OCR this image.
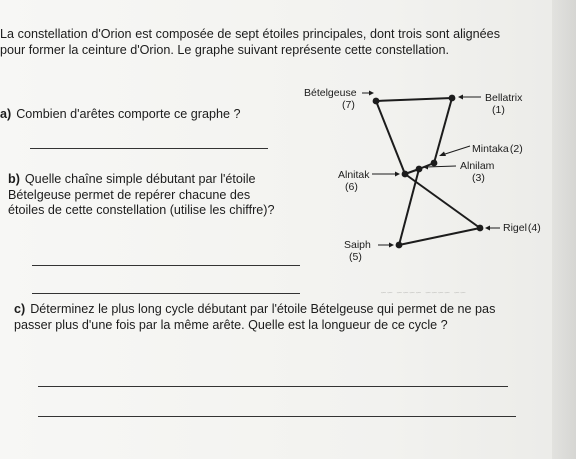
La constellation d'Orion est composée de sept étoiles principales, dont trois sont alignées pour former la ceinture d'Orion. Le graphe suivant représente cette constellation.
a) Combien d'arêtes comporte ce graphe ?
b) Quelle chaîne simple débutant par l'étoile Bételgeuse permet de repérer chacune des étoiles de cette constellation (utilise les chiffre)?
c) Déterminez le plus long cycle débutant par l'étoile Bételgeuse qui permet de ne pas passer plus d'une fois par la même arête. Quelle est la longueur de ce cycle ?
~~ ~~~~ ~~~~ ~~
Bételgeuse
(7)
Bellatrix
(1)
Mintaka (2)
Alnilam
(3)
Alnitak
(6)
Rigel (4)
Saiph
(5)
